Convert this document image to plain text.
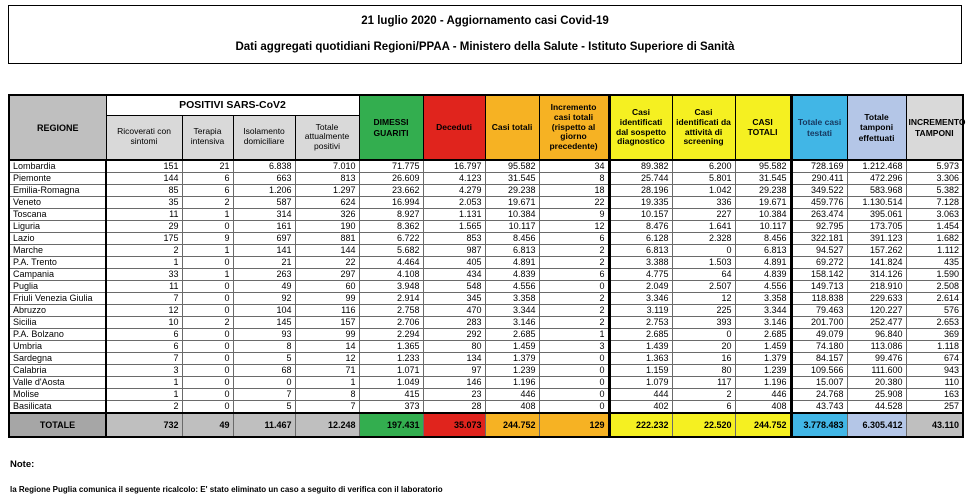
21 luglio 2020 - Aggiornamento casi Covid-19
Dati aggregati quotidiani Regioni/PPAA - Ministero della Salute - Istituto Superiore di Sanità
REGIONE	POSITIVI SARS-CoV2				DIMESSI GUARITI	Deceduti	Casi totali	Incremento casi totali (rispetto al giorno precedente)	Casi identificati dal sospetto diagnostico	Casi identificati da attività di screening	CASI TOTALI	Totale casi testati	Totale tamponi effettuati	INCREMENTO TAMPONI
	Ricoverati con sintomi	Terapia intensiva	Isolamento domiciliare	Totale attualmente positivi										
Lombardia	151	21	6.838	7.010	71.775	16.797	95.582	34	89.382	6.200	95.582	728.169	1.212.468	5.973
Piemonte	144	6	663	813	26.609	4.123	31.545	8	25.744	5.801	31.545	290.411	472.296	3.306
Emilia-Romagna	85	6	1.206	1.297	23.662	4.279	29.238	18	28.196	1.042	29.238	349.522	583.968	5.382
Veneto	35	2	587	624	16.994	2.053	19.671	22	19.335	336	19.671	459.776	1.130.514	7.128
Toscana	11	1	314	326	8.927	1.131	10.384	9	10.157	227	10.384	263.474	395.061	3.063
Liguria	29	0	161	190	8.362	1.565	10.117	12	8.476	1.641	10.117	92.795	173.705	1.454
Lazio	175	9	697	881	6.722	853	8.456	6	6.128	2.328	8.456	322.181	391.123	1.682
Marche	2	1	141	144	5.682	987	6.813	2	6.813	0	6.813	94.527	157.262	1.112
P.A. Trento	1	0	21	22	4.464	405	4.891	2	3.388	1.503	4.891	69.272	141.824	435
Campania	33	1	263	297	4.108	434	4.839	6	4.775	64	4.839	158.142	314.126	1.590
Puglia	11	0	49	60	3.948	548	4.556	0	2.049	2.507	4.556	149.713	218.910	2.508
Friuli Venezia Giulia	7	0	92	99	2.914	345	3.358	2	3.346	12	3.358	118.838	229.633	2.614
Abruzzo	12	0	104	116	2.758	470	3.344	2	3.119	225	3.344	79.463	120.227	576
Sicilia	10	2	145	157	2.706	283	3.146	2	2.753	393	3.146	201.700	252.477	2.653
P.A. Bolzano	6	0	93	99	2.294	292	2.685	1	2.685	0	2.685	49.079	96.840	369
Umbria	6	0	8	14	1.365	80	1.459	3	1.439	20	1.459	74.180	113.086	1.118
Sardegna	7	0	5	12	1.233	134	1.379	0	1.363	16	1.379	84.157	99.476	674
Calabria	3	0	68	71	1.071	97	1.239	0	1.159	80	1.239	109.566	111.600	943
Valle d'Aosta	1	0	0	1	1.049	146	1.196	0	1.079	117	1.196	15.007	20.380	110
Molise	1	0	7	8	415	23	446	0	444	2	446	24.768	25.908	163
Basilicata	2	0	5	7	373	28	408	0	402	6	408	43.743	44.528	257
TOTALE	732	49	11.467	12.248	197.431	35.073	244.752	129	222.232	22.520	244.752	3.778.483	6.305.412	43.110
Note:
la Regione Puglia comunica il seguente ricalcolo: E' stato eliminato un caso a seguito di verifica con il laboratorio
